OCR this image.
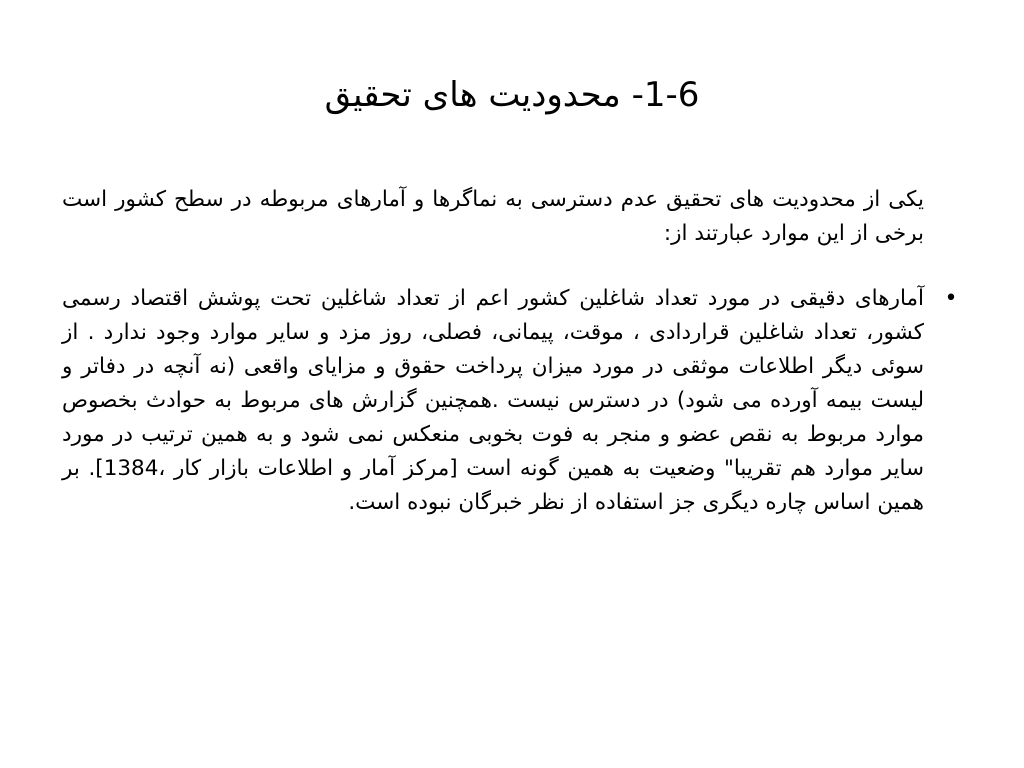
1-6- محدودیت های تحقیق

یکی از محدودیت های تحقیق عدم دسترسی به نماگرها و آمارهای مربوطه در سطح کشور است برخی از این موارد عبارتند از:

•

آمارهای دقیقی در مورد تعداد شاغلین کشور اعم از تعداد شاغلین تحت پوشش اقتصاد رسمی کشور، تعداد شاغلین قراردادی ، موقت، پیمانی، فصلی، روز مزد و سایر موارد وجود ندارد . از سوئی دیگر اطلاعات موثقی در مورد میزان پرداخت حقوق و مزایای واقعی (نه آنچه در دفاتر و لیست بیمه آورده می شود) در دسترس نیست .همچنین گزارش های مربوط به حوادث بخصوص موارد مربوط به نقص عضو و منجر به فوت بخوبی منعکس نمی شود و به همین ترتیب در مورد سایر موارد هم تقریبا" وضعیت به همین گونه است [مرکز آمار و اطلاعات بازار کار ،1384]. بر همین اساس چاره دیگری جز استفاده از نظر خبرگان نبوده است.
